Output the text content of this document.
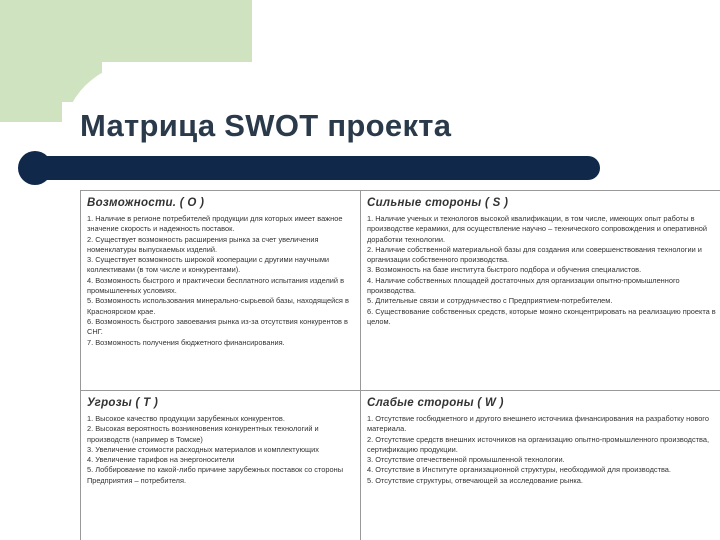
Матрица SWOT проекта
Возможности. ( O )
1. Наличие в регионе потребителей продукции для которых имеет важное значение скорость и надежность поставок.
2. Существует возможность расширения рынка за счет увеличения номенклатуры выпускаемых изделий.
3. Существует возможность широкой кооперации с другими научными коллективами (в том числе и конкурентами).
4. Возможность быстрого и практически бесплатного испытания изделий в промышленных условиях.
5. Возможность использования минерально-сырьевой базы, находящейся в Красноярском крае.
6. Возможность быстрого завоевания рынка из-за отсутствия конкурентов в СНГ.
7. Возможность получения бюджетного финансирования.
Сильные стороны ( S )
1. Наличие ученых и технологов высокой квалификации, в том числе, имеющих опыт работы в производстве керамики, для осуществление научно – технического сопровождения и оперативной доработки технологии.
2. Наличие собственной материальной базы для создания или совершенствования технологии и организации собственного производства.
3. Возможность на базе института быстрого подбора и обучения специалистов.
4. Наличие собственных площадей достаточных для организации опытно-промышленного производства.
5. Длительные связи и сотрудничество с Предприятием-потребителем.
6. Существование собственных средств, которые можно сконцентрировать на реализацию проекта в целом.
Угрозы ( T )
1. Высокое качество продукции зарубежных конкурентов.
2. Высокая вероятность возникновения конкурентных технологий и производств (например в Томске)
3. Увеличение стоимости расходных материалов и комплектующих
4. Увеличение тарифов на энергоносители
5. Лоббирование по какой-либо причине зарубежных поставок со стороны Предприятия – потребителя.
Слабые стороны ( W )
1. Отсутствие госбюджетного и другого внешнего источника финансирования на разработку нового материала.
2. Отсутствие средств внешних источников на организацию опытно-промышленного производства, сертификацию продукции.
3. Отсутствие отечественной промышленной технологии.
4. Отсутствие в Институте организационной структуры, необходимой для производства.
5. Отсутствие структуры, отвечающей за исследование рынка.
